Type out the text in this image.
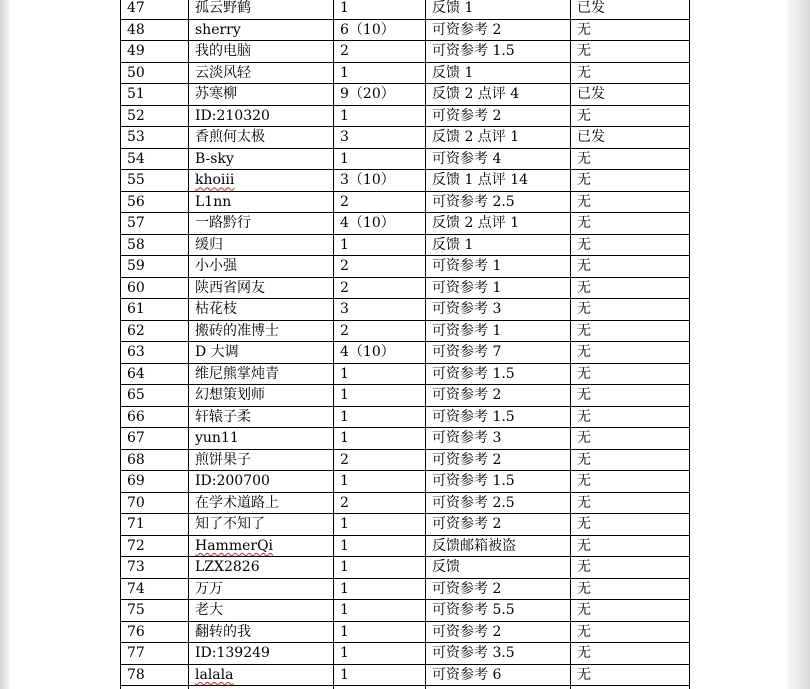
47	孤云野鹤	1	反馈 1	已发
48	sherry	6（10）	可资参考 2	无
49	我的电脑	2	可资参考 1.5	无
50	云淡风轻	1	反馈 1	无
51	苏寒柳	9（20）	反馈 2 点评 4	已发
52	ID:210320	1	可资参考 2	无
53	香煎何太极	3	反馈 2 点评 1	已发
54	B-sky	1	可资参考 4	无
55	khoiii	3（10）	反馈 1 点评 14	无
56	L1nn	2	可资参考 2.5	无
57	一路黔行	4（10）	反馈 2 点评 1	无
58	缓归	1	反馈 1	无
59	小小强	2	可资参考 1	无
60	陕西省网友	2	可资参考 1	无
61	枯花枝	3	可资参考 3	无
62	搬砖的准博士	2	可资参考 1	无
63	D 大调	4（10）	可资参考 7	无
64	维尼熊掌炖青	1	可资参考 1.5	无
65	幻想策划师	1	可资参考 2	无
66	轩辕子柔	1	可资参考 1.5	无
67	yun11	1	可资参考 3	无
68	煎饼果子	2	可资参考 2	无
69	ID:200700	1	可资参考 1.5	无
70	在学术道路上	2	可资参考 2.5	无
71	知了不知了	1	可资参考 2	无
72	HammerQi	1	反馈邮箱被盗	无
73	LZX2826	1	反馈	无
74	万万	1	可资参考 2	无
75	老大	1	可资参考 5.5	无
76	翻转的我	1	可资参考 2	无
77	ID:139249	1	可资参考 3.5	无
78	lalala	1	可资参考 6	无
